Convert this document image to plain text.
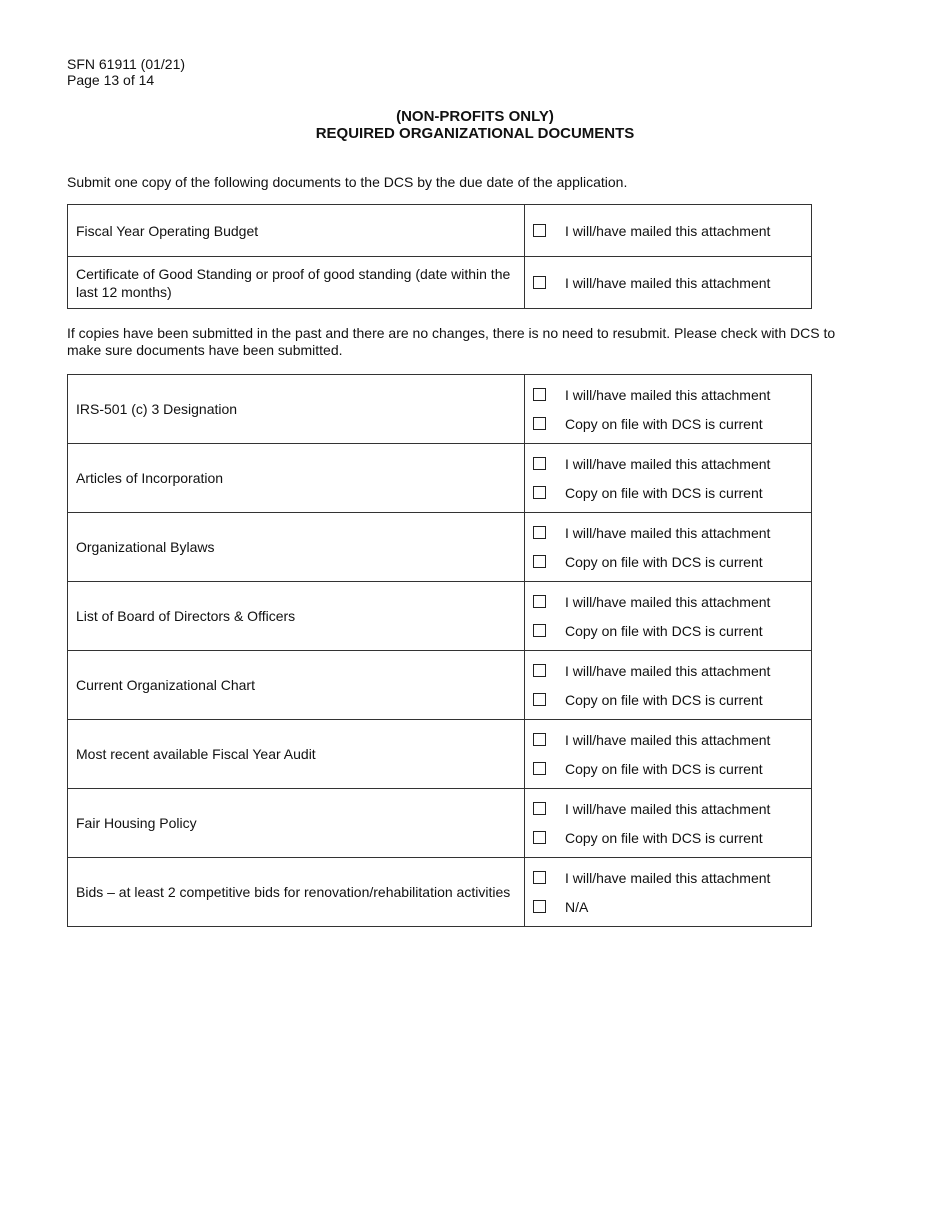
SFN 61911 (01/21)
Page 13 of 14
(NON-PROFITS ONLY)
REQUIRED ORGANIZATIONAL DOCUMENTS
Submit one copy of the following documents to the DCS by the due date of the application.
Fiscal Year Operating Budget	I will/have mailed this attachment

Certificate of Good Standing or proof of good standing (date within the last 12 months)	I will/have mailed this attachment
If copies have been submitted in the past and there are no changes, there is no need to resubmit. Please check with DCS to make sure documents have been submitted.
IRS-501 (c) 3 Designation	I will/have mailed this attachment
Copy on file with DCS is current

Articles of Incorporation	I will/have mailed this attachment
Copy on file with DCS is current

Organizational Bylaws	I will/have mailed this attachment
Copy on file with DCS is current

List of Board of Directors & Officers	I will/have mailed this attachment
Copy on file with DCS is current

Current Organizational Chart	I will/have mailed this attachment
Copy on file with DCS is current

Most recent available Fiscal Year Audit	I will/have mailed this attachment
Copy on file with DCS is current

Fair Housing Policy	I will/have mailed this attachment
Copy on file with DCS is current

Bids – at least 2 competitive bids for renovation/rehabilitation activities	I will/have mailed this attachment
N/A
